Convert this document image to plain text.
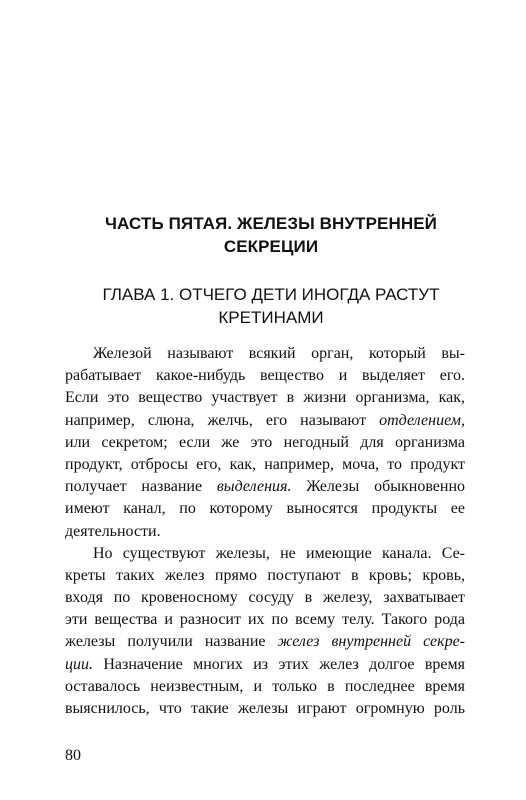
ЧАСТЬ ПЯТАЯ. ЖЕЛЕЗЫ ВНУТРЕННЕЙ
СЕКРЕЦИИ
ГЛАВА 1. ОТЧЕГО ДЕТИ ИНОГДА РАСТУТ
КРЕТИНАМИ
Железой называют всякий орган, который вы-
рабатывает какое-нибудь вещество и выделяет его.
Если это вещество участвует в жизни организма, как,
например, слюна, желчь, его называют отделением,
или секретом; если же это негодный для организма
продукт, отбросы его, как, например, моча, то продукт
получает название выделения. Железы обыкновенно
имеют канал, по которому выносятся продукты ее
деятельности.
Но существуют железы, не имеющие канала. Се-
креты таких желез прямо поступают в кровь; кровь,
входя по кровеносному сосуду в железу, захватывает
эти вещества и разносит их по всему телу. Такого рода
железы получили название желез внутренней секре-
ции. Назначение многих из этих желез долгое время
оставалось неизвестным, и только в последнее время
выяснилось, что такие железы играют огромную роль
80
